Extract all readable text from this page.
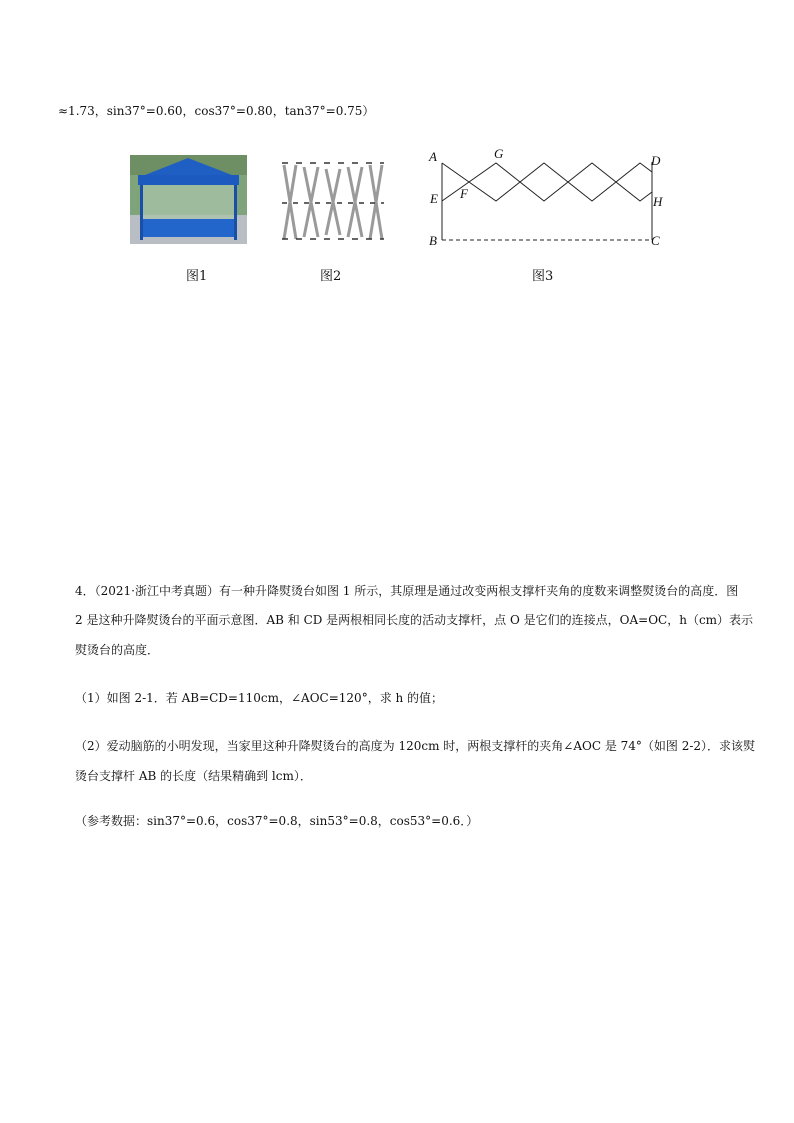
≈1.73，sin37°=0.60，cos37°=0.80，tan37°=0.75）
图1	图2
A
E
B
F
G	D
H
C
图3
4．（2021·浙江中考真题）有一种升降熨烫台如图 1 所示，其原理是通过改变两根支撑杆夹角的度数来调整熨烫台的高度．图
2 是这种升降熨烫台的平面示意图．AB 和 CD 是两根相同长度的活动支撑杆，点 O 是它们的连接点，OA=OC，h（cm）表示
熨烫台的高度．
（1）如图 2-1．若 AB=CD=110cm，∠AOC=120°，求 h 的值；
（2）爱动脑筋的小明发现，当家里这种升降熨烫台的高度为 120cm 时，两根支撑杆的夹角∠AOC 是 74°（如图 2-2）．求该熨
烫台支撑杆 AB 的长度（结果精确到 lcm）．
（参考数据：sin37°=0.6，cos37°=0.8，sin53°=0.8，cos53°=0.6．）
